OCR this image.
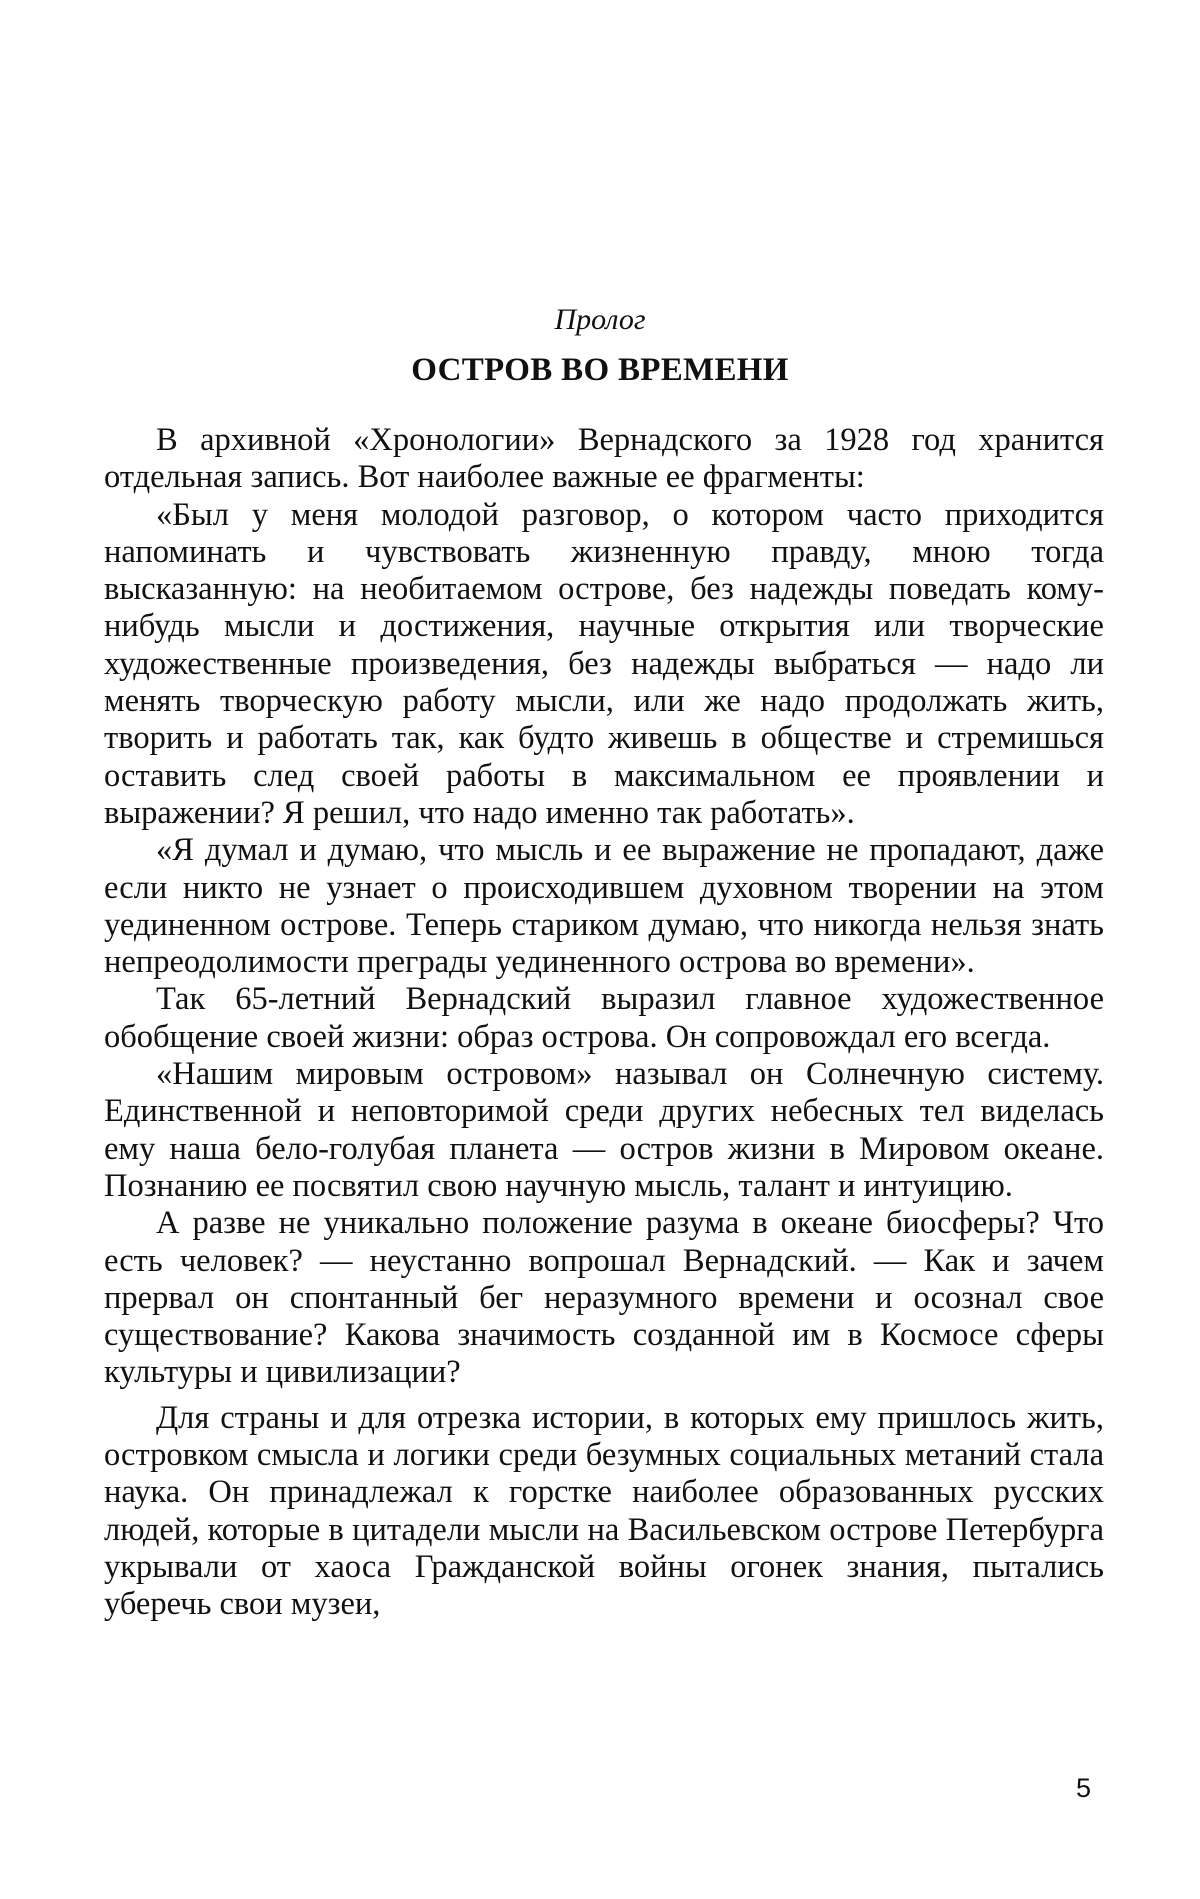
Пролог
ОСТРОВ ВО ВРЕМЕНИ

В архивной «Хронологии» Вернадского за 1928 год хранится отдельная запись. Вот наиболее важные ее фрагменты:

«Был у меня молодой разговор, о котором часто приходится напоминать и чувствовать жизненную правду, мною тогда высказанную: на необитаемом острове, без надежды поведать кому-нибудь мысли и достижения, научные открытия или творческие художественные произведения, без надежды выбраться — надо ли менять творческую работу мысли, или же надо продолжать жить, творить и работать так, как будто живешь в обществе и стремишься оставить след своей работы в максимальном ее проявлении и выражении? Я решил, что надо именно так работать».

«Я думал и думаю, что мысль и ее выражение не пропадают, даже если никто не узнает о происходившем духовном творении на этом уединенном острове. Теперь стариком думаю, что никогда нельзя знать непреодолимости преграды уединенного острова во времени».

Так 65-летний Вернадский выразил главное художественное обобщение своей жизни: образ острова. Он сопровождал его всегда.

«Нашим мировым островом» называл он Солнечную систему. Единственной и неповторимой среди других небесных тел виделась ему наша бело-голубая планета — остров жизни в Мировом океане. Познанию ее посвятил свою научную мысль, талант и интуицию.

А разве не уникально положение разума в океане биосферы? Что есть человек? — неустанно вопрошал Вернадский. — Как и зачем прервал он спонтанный бег неразумного времени и осознал свое существование? Какова значимость созданной им в Космосе сферы культуры и цивилизации?

Для страны и для отрезка истории, в которых ему пришлось жить, островком смысла и логики среди безумных социальных метаний стала наука. Он принадлежал к горстке наиболее образованных русских людей, которые в цитадели мысли на Васильевском острове Петербурга укрывали от хаоса Гражданской войны огонек знания, пытались уберечь свои музеи,

5
